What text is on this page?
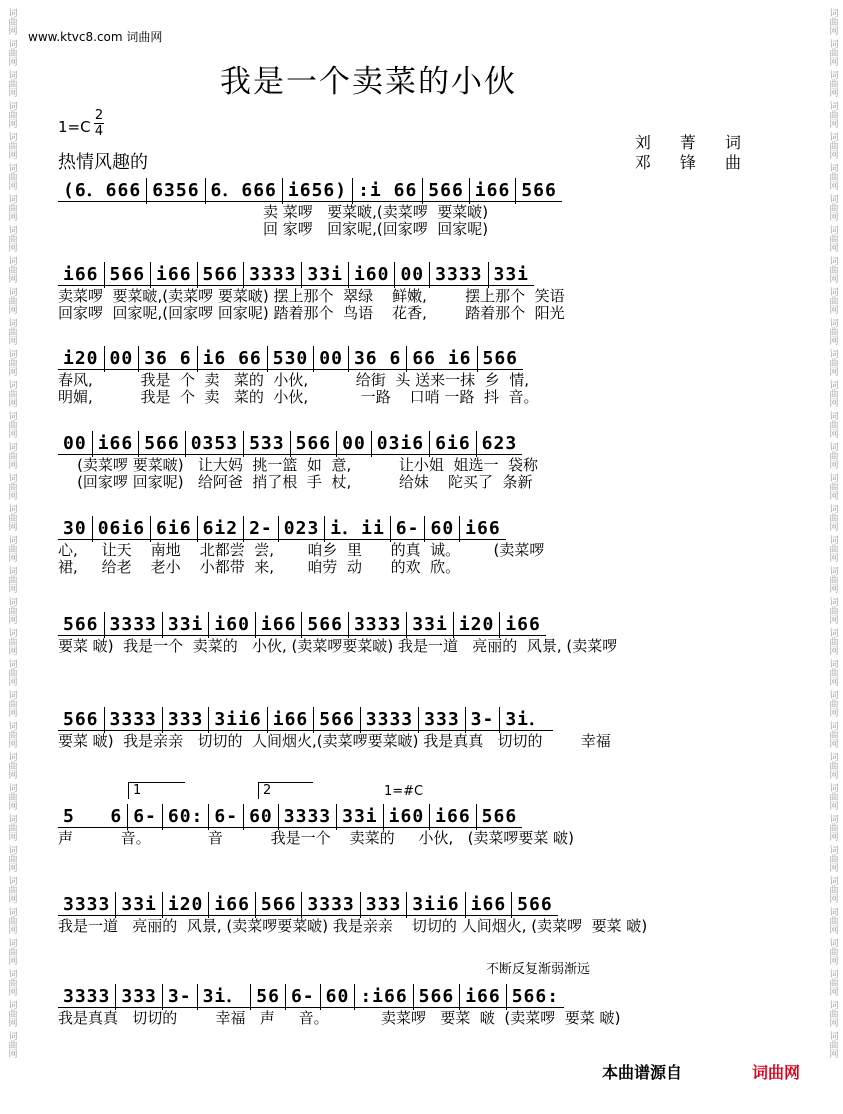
词曲网
词曲网
词曲网
词曲网
词曲网
词曲网
词曲网
词曲网
词曲网
词曲网
词曲网
词曲网
词曲网
词曲网
词曲网
词曲网
词曲网
词曲网
词曲网
词曲网
词曲网
词曲网
词曲网
词曲网
词曲网
词曲网
词曲网
词曲网
词曲网
词曲网
词曲网
词曲网
词曲网
词曲网
词曲网
词曲网
词曲网
词曲网
词曲网
词曲网
词曲网
词曲网
词曲网
词曲网
词曲网
词曲网
词曲网
词曲网
词曲网
词曲网
词曲网
词曲网
词曲网
词曲网
词曲网
词曲网
词曲网
词曲网
词曲网
词曲网
词曲网
词曲网
词曲网
词曲网
词曲网
词曲网
词曲网
词曲网
www.ktvc8.com 词曲网
我是一个卖菜的小伙
1=C
2
4
热情风趣的
刘 菁 词
邓 锋 曲
(6．666 6356 6．666 i656) :i 66 566 i66 566
卖 菜啰   要菜啵,(卖菜啰  要菜啵)
回 家啰   回家呢,(回家啰  回家呢)
i66 566 i66 566 3333 33i i60 00 3333 33i
卖菜啰  要菜啵,(卖菜啰 要菜啵) 摆上那个  翠绿    鲜嫩,        摆上那个  笑语
回家啰  回家呢,(回家啰 回家呢) 踏着那个  鸟语    花香,        踏着那个  阳光
i20 00 36 6 i6 66 530 00 36 6 66 i6 566
春风,          我是  个  卖   菜的  小伙,          给街  头 送来一抹  乡  情,
明媚,          我是  个  卖   菜的  小伙,           一路    口哨 一路  抖  音。
00 i66 566 0353 533 566 00 03i6 6i6 623
(卖菜啰 要菜啵)   让大妈  挑一篮  如  意,          让小姐  姐选一  袋称
(回家啰 回家呢)   给阿爸  捎了根  手  杖,          给妹    陀买了  条新
30 06i6 6i6 6i2 2- 023 i．ii 6- 60 i66
心,     让天    南地    北都尝  尝,       咱乡  里      的真  诚。       (卖菜啰
裙,     给老    老小    小都带  来,       咱劳  动      的欢  欣。
566 3333 33i i60 i66 566 3333 33i i20 i66
要菜 啵)  我是一个  卖菜的   小伙, (卖菜啰要菜啵) 我是一道   亮丽的  风景, (卖菜啰
566 3333 333 3ii6 i66 566 3333 333 3- 3i．
要菜 啵)  我是亲亲   切切的  人间烟火,(卖菜啰要菜啵) 我是真真   切切的        幸福
5   6 6- 60: 6- 60 3333 33i i60 i66 566
声          音。            音          我是一个    卖菜的     小伙,   (卖菜啰要菜 啵)
3333 33i i20 i66 566 3333 333 3ii6 i66 566
我是一道   亮丽的  风景, (卖菜啰要菜啵) 我是亲亲    切切的 人间烟火, (卖菜啰  要菜 啵)
3333 333 3- 3i． 56 6- 60 :i66 566 i66 566:
我是真真   切切的        幸福   声     音。           卖菜啰   要菜  啵  (卖菜啰  要菜 啵)
1	2	1=#C
不断反复渐弱渐远
本曲谱源自	词曲网
